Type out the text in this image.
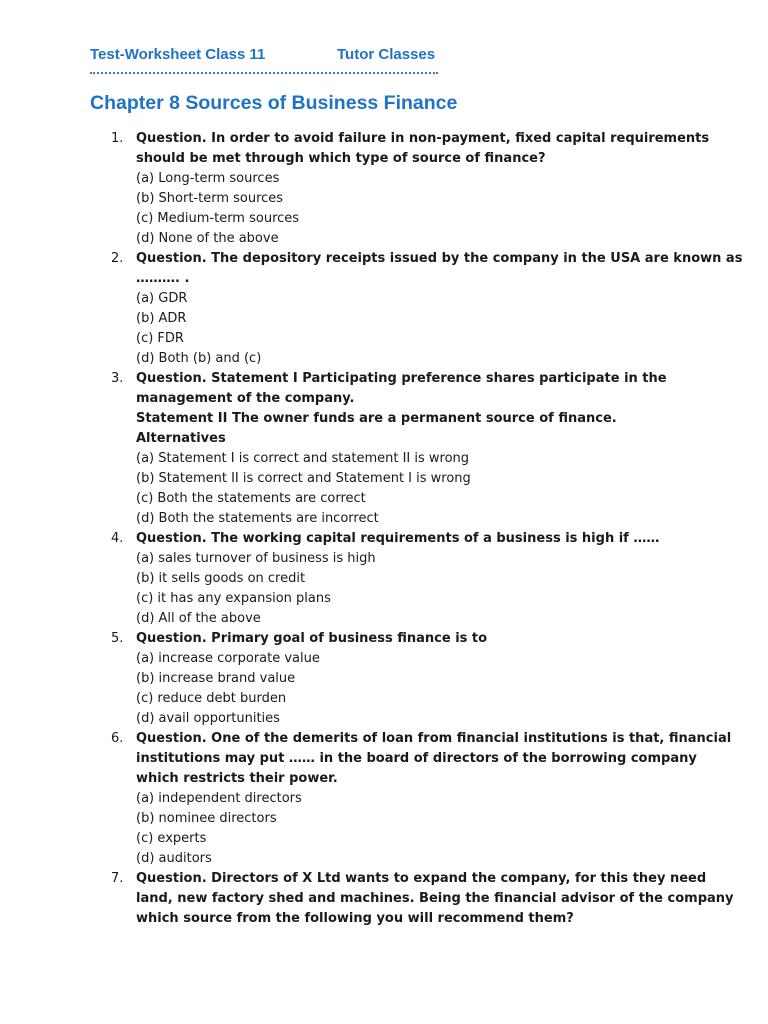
Test-Worksheet Class 11	Tutor Classes
Chapter 8 Sources of Business Finance
1. Question. In order to avoid failure in non-payment, fixed capital requirements
should be met through which type of source of finance?
(a) Long-term sources
(b) Short-term sources
(c) Medium-term sources
(d) None of the above
2. Question. The depository receipts issued by the company in the USA are known as
………. .
(a) GDR
(b) ADR
(c) FDR
(d) Both (b) and (c)
3. Question. Statement I Participating preference shares participate in the
management of the company.
Statement II The owner funds are a permanent source of finance.
Alternatives
(a) Statement I is correct and statement II is wrong
(b) Statement II is correct and Statement I is wrong
(c) Both the statements are correct
(d) Both the statements are incorrect
4. Question. The working capital requirements of a business is high if ……
(a) sales turnover of business is high
(b) it sells goods on credit
(c) it has any expansion plans
(d) All of the above
5. Question. Primary goal of business finance is to
(a) increase corporate value
(b) increase brand value
(c) reduce debt burden
(d) avail opportunities
6. Question. One of the demerits of loan from financial institutions is that, financial
institutions may put …… in the board of directors of the borrowing company
which restricts their power.
(a) independent directors
(b) nominee directors
(c) experts
(d) auditors
7. Question. Directors of X Ltd wants to expand the company, for this they need
land, new factory shed and machines. Being the financial advisor of the company
which source from the following you will recommend them?
